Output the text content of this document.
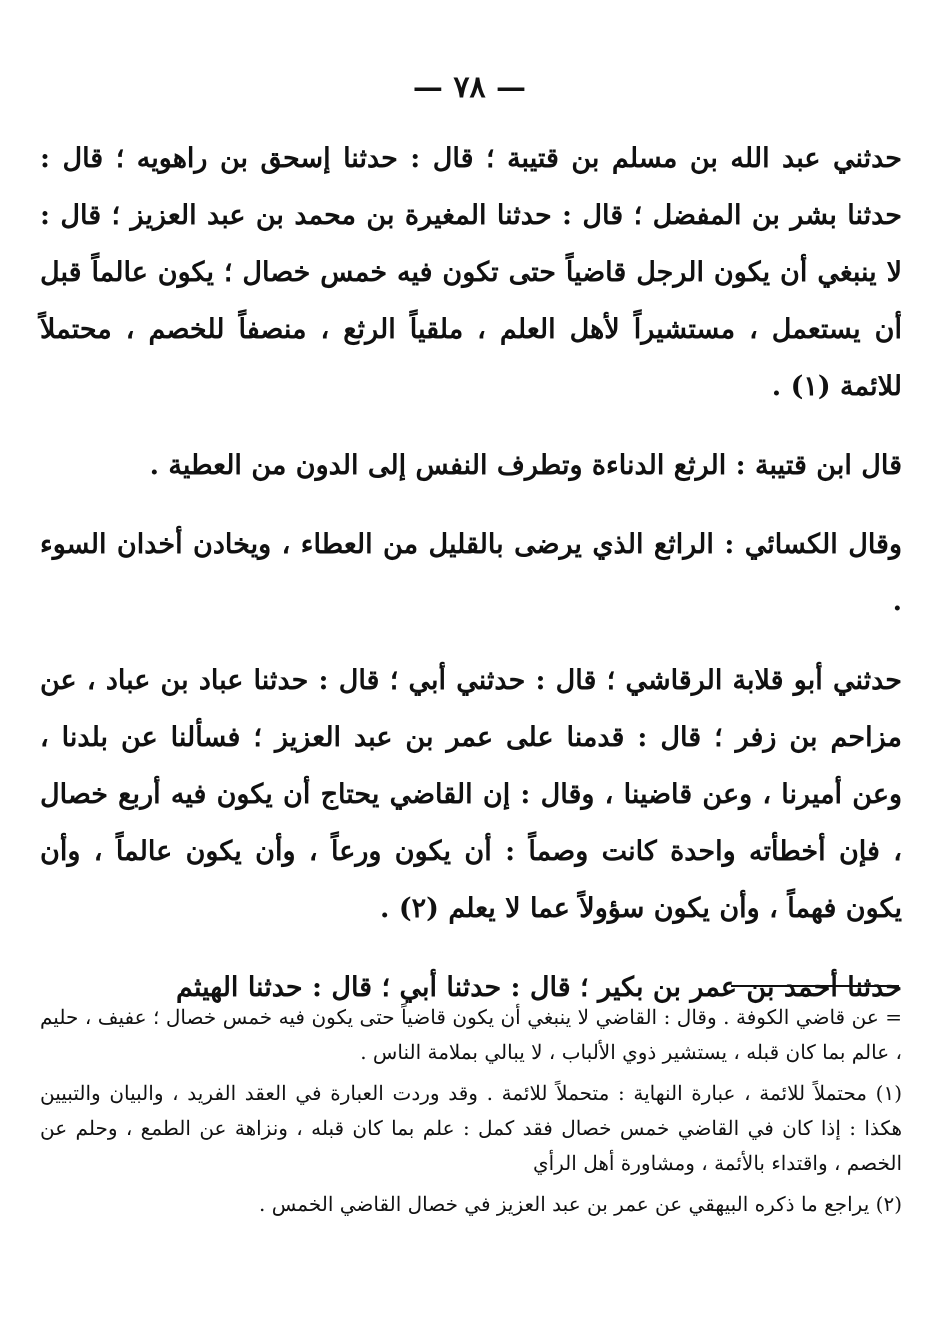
— ٧٨ —

حدثني عبد الله بن مسلم بن قتيبة ؛ قال : حدثنا إسحق بن راهويه ؛ قال : حدثنا بشر بن المفضل ؛ قال : حدثنا المغيرة بن محمد بن عبد العزيز ؛ قال : لا ينبغي أن يكون الرجل قاضياً حتى تكون فيه خمس خصال ؛ يكون عالماً قبل أن يستعمل ، مستشيراً لأهل العلم ، ملقياً الرثع ، منصفاً للخصم ، محتملاً للائمة (١) .

قال ابن قتيبة : الرثع الدناءة وتطرف النفس إلى الدون من العطية .

وقال الكسائي : الراثع الذي يرضى بالقليل من العطاء ، ويخادن أخدان السوء .

حدثني أبو قلابة الرقاشي ؛ قال : حدثني أبي ؛ قال : حدثنا عباد بن عباد ، عن مزاحم بن زفر ؛ قال : قدمنا على عمر بن عبد العزيز ؛ فسألنا عن بلدنا ، وعن أميرنا ، وعن قاضينا ، وقال : إن القاضي يحتاج أن يكون فيه أربع خصال ، فإن أخطأته واحدة كانت وصماً : أن يكون ورعاً ، وأن يكون عالماً ، وأن يكون فهماً ، وأن يكون سؤولاً عما لا يعلم (٢) .

حدثنا أحمد بن عمر بن بكير ؛ قال : حدثنا أبي ؛ قال : حدثنا الهيثم

= عن قاضي الكوفة . وقال : القاضي لا ينبغي أن يكون قاضياً حتى يكون فيه خمس خصال ؛ عفيف ، حليم ، عالم بما كان قبله ، يستشير ذوي الألباب ، لا يبالي بملامة الناس .

(١) محتملاً للائمة ، عبارة النهاية : متحملاً للائمة . وقد وردت العبارة في العقد الفريد ، والبيان والتبيين هكذا : إذا كان في القاضي خمس خصال فقد كمل : علم بما كان قبله ، ونزاهة عن الطمع ، وحلم عن الخصم ، واقتداء بالأئمة ، ومشاورة أهل الرأي

(٢) يراجع ما ذكره البيهقي عن عمر بن عبد العزيز في خصال القاضي الخمس .
